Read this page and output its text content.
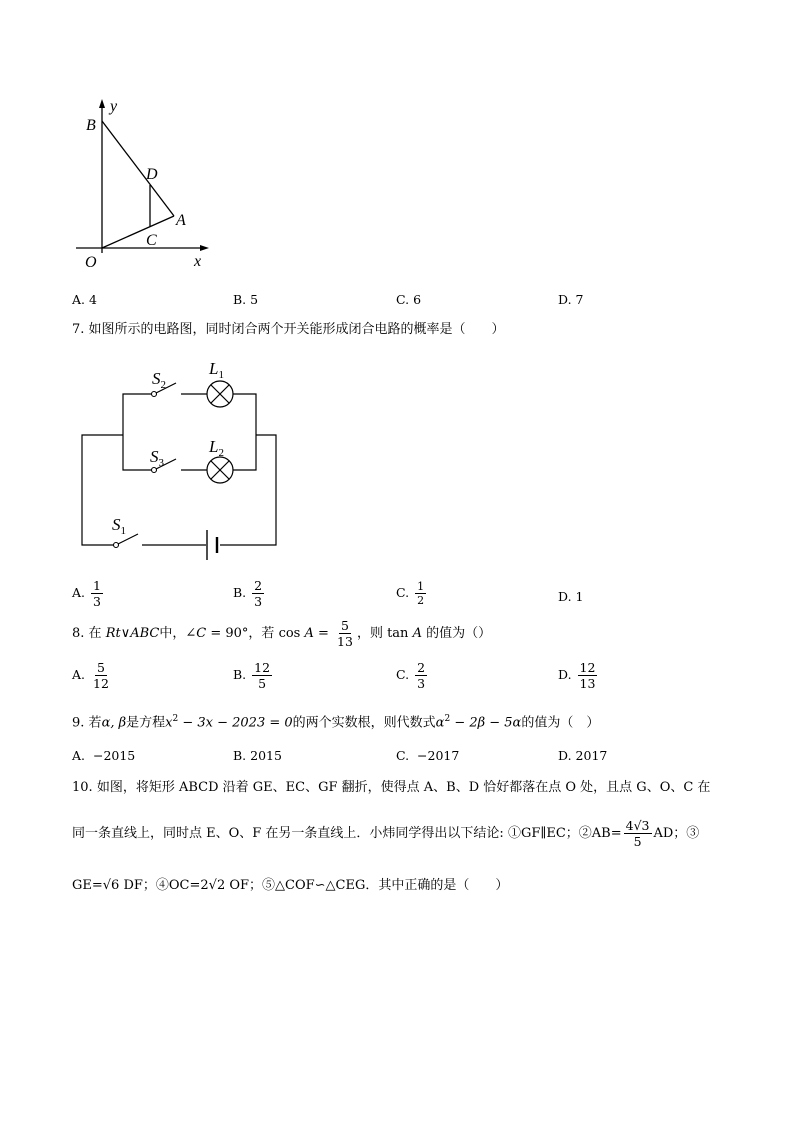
y
B
D
A
C
O	x
A. 4	B. 5	C. 6	D. 7
7. 如图所示的电路图，同时闭合两个开关能形成闭合电路的概率是（　　）
$S_2$
$L_1$
$S_3$
$L_2$
$S_1$
A. $\frac{1}{3}$	B. $\frac{2}{3}$	C. $\frac{1}{2}$	D. 1
8. 在 Rt∨ABC中，∠C = 90°，若 $\cos A = \frac{5}{13}$ ，则 tan A 的值为（）
A. $\frac{5}{12}$	B. $\frac{12}{5}$	C. $\frac{2}{3}$	D. $\frac{12}{13}$
9. 若α, β是方程$x^2 - 3x - 2023 = 0$的两个实数根，则代数式$\alpha^2 - 2\beta - 5\alpha$的值为（　）
A. −2015	B. 2015	C. −2017	D. 2017
10. 如图，将矩形 ABCD 沿着 GE、EC、GF 翻折，使得点 A、B、D 恰好都落在点 O 处，且点 G、O、C 在
同一条直线上，同时点 E、O、F 在另一条直线上．小炜同学得出以下结论: ①GF∥EC；②AB= $\frac{4√3}{5}$ AD；③
GE=√6 DF；④OC=2√2 OF；⑤△COF∽△CEG．其中正确的是（　　）
